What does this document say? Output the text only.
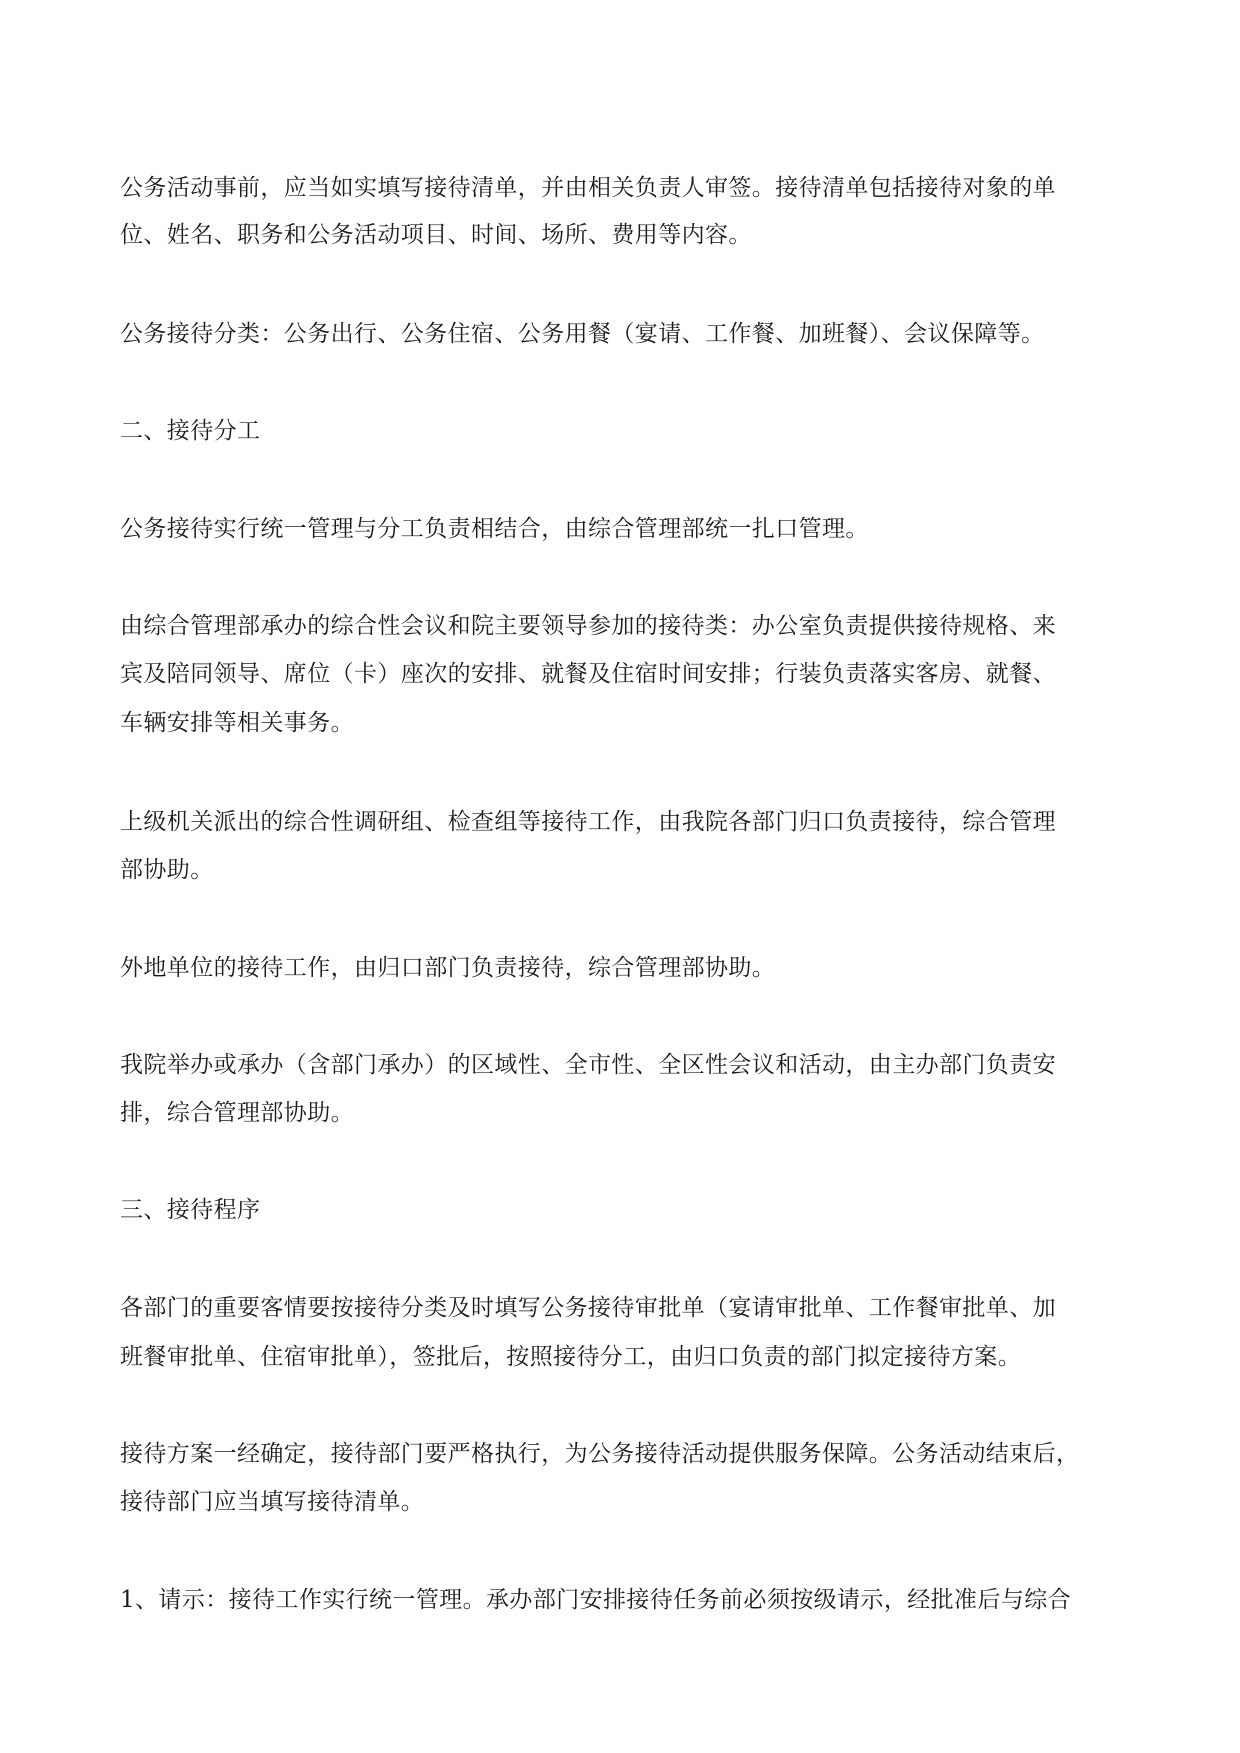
公务活动事前，应当如实填写接待清单，并由相关负责人审签。接待清单包括接待对象的单

位、姓名、职务和公务活动项目、时间、场所、费用等内容。

公务接待分类：公务出行、公务住宿、公务用餐（宴请、工作餐、加班餐）、会议保障等。

二、接待分工

公务接待实行统一管理与分工负责相结合，由综合管理部统一扎口管理。

由综合管理部承办的综合性会议和院主要领导参加的接待类：办公室负责提供接待规格、来

宾及陪同领导、席位（卡）座次的安排、就餐及住宿时间安排；行装负责落实客房、就餐、

车辆安排等相关事务。

上级机关派出的综合性调研组、检查组等接待工作，由我院各部门归口负责接待，综合管理

部协助。

外地单位的接待工作，由归口部门负责接待，综合管理部协助。

我院举办或承办（含部门承办）的区域性、全市性、全区性会议和活动，由主办部门负责安

排，综合管理部协助。

三、接待程序

各部门的重要客情要按接待分类及时填写公务接待审批单（宴请审批单、工作餐审批单、加

班餐审批单、住宿审批单），签批后，按照接待分工，由归口负责的部门拟定接待方案。

接待方案一经确定，接待部门要严格执行，为公务接待活动提供服务保障。公务活动结束后，

接待部门应当填写接待清单。

1、请示：接待工作实行统一管理。承办部门安排接待任务前必须按级请示，经批准后与综合
